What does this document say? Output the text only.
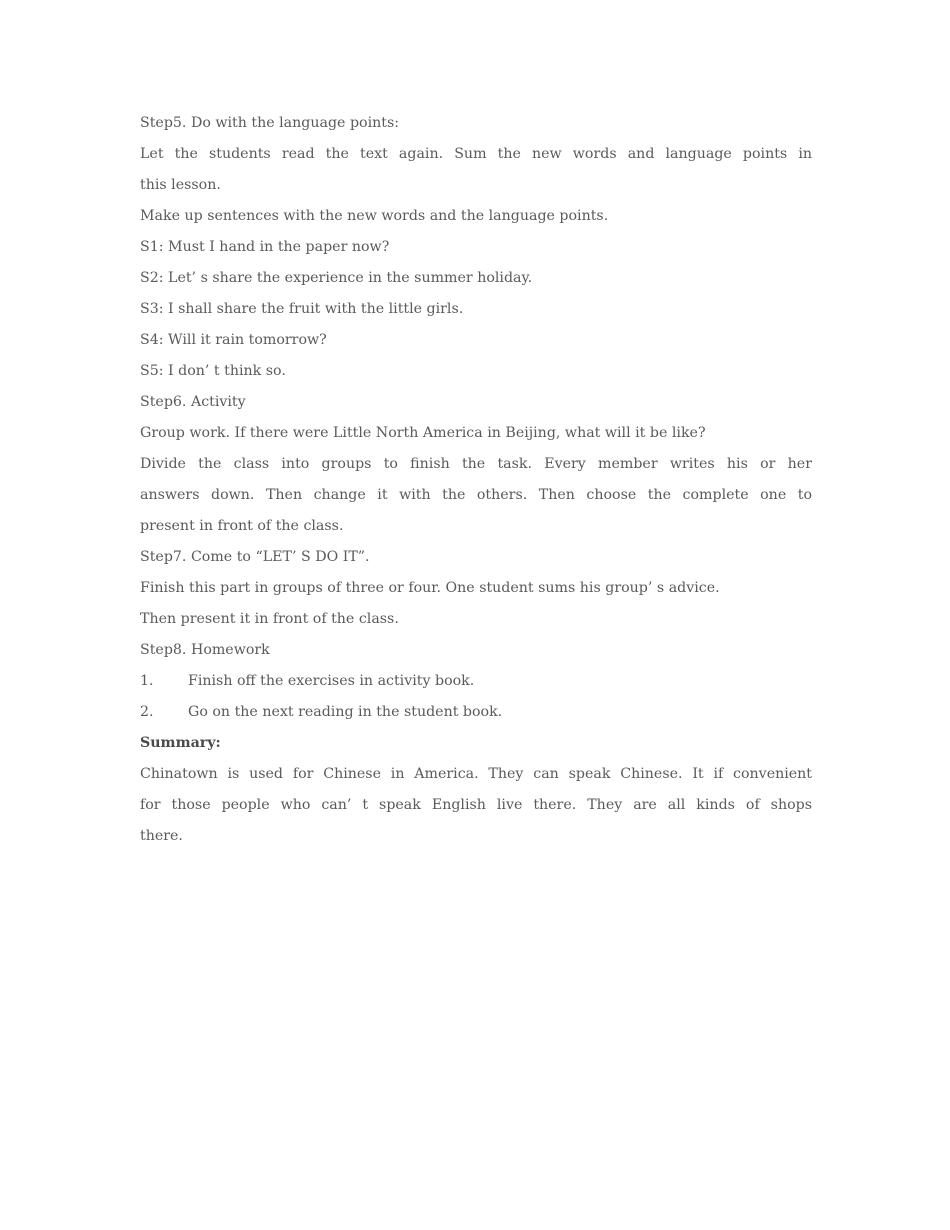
Step5. Do with the language points:
Let the students read the text again. Sum the new words and language points in
this lesson.
Make up sentences with the new words and the language points.
S1: Must I hand in the paper now?
S2: Let’ s share the experience in the summer holiday.
S3: I shall share the fruit with the little girls.
S4: Will it rain tomorrow?
S5: I don’ t think so.
Step6. Activity
Group work. If there were Little North America in Beijing, what will it be like?
Divide the class into groups to finish the task. Every member writes his or her
answers down. Then change it with the others. Then choose the complete one to
present in front of the class.
Step7. Come to “LET’ S DO IT”.
Finish this part in groups of three or four. One student sums his group’ s advice.
Then present it in front of the class.
Step8. Homework
1. Finish off the exercises in activity book.
2. Go on the next reading in the student book.
Summary:
Chinatown is used for Chinese in America. They can speak Chinese. It if convenient
for those people who can’ t speak English live there. They are all kinds of shops
there.
